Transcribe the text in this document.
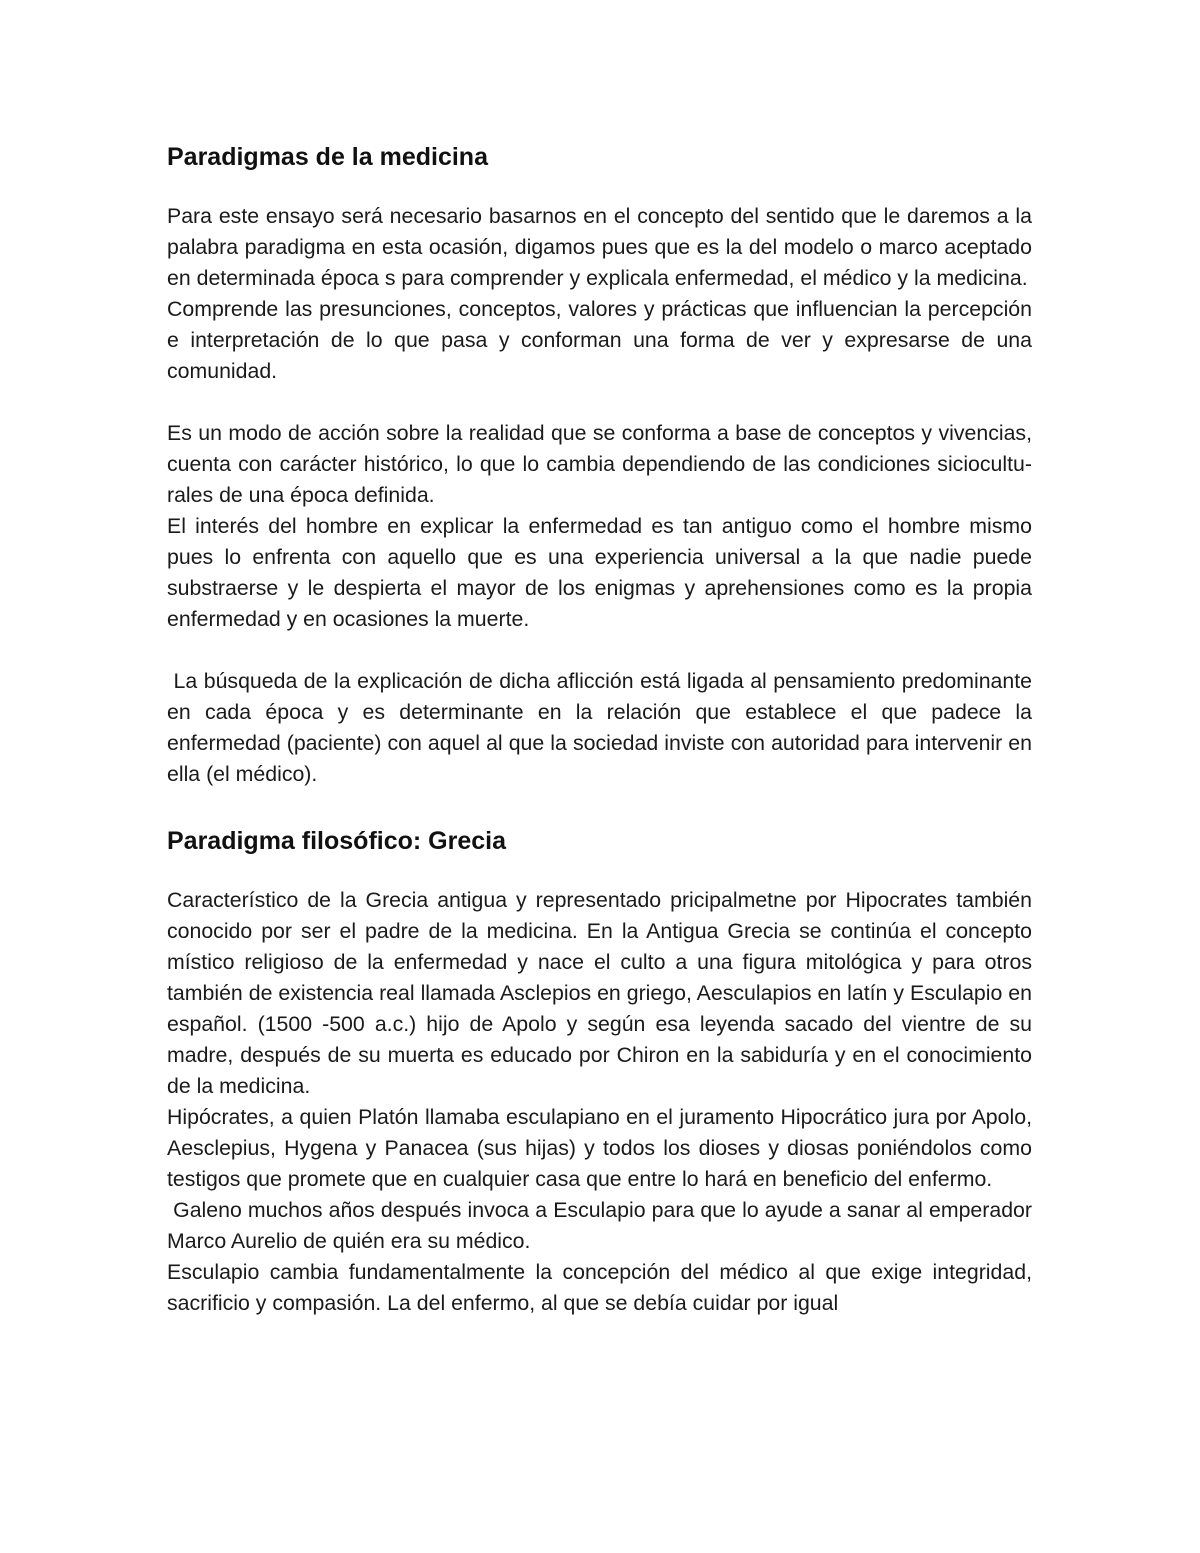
Paradigmas de la medicina

Para este ensayo será necesario basarnos en el concepto del sentido que le daremos a la palabra paradigma en esta ocasión, digamos pues que es la del modelo o marco aceptado en determinada época s para comprender y explicala enfermedad, el médico y la medicina.

Comprende las presunciones, conceptos, valores y prácticas que influencian la percepción e interpretación de lo que pasa y conforman una forma de ver y expresarse de una comunidad.

Es un modo de acción sobre la realidad que se conforma a base de conceptos y vivencias, cuenta con carácter histórico, lo que lo cambia dependiendo de las condiciones sicioculturales de una época definida.

El interés del hombre en explicar la enfermedad es tan antiguo como el hombre mismo pues lo enfrenta con aquello que es una experiencia universal a la que nadie puede substraerse y le despierta el mayor de los enigmas y aprehensiones como es la propia enfermedad y en ocasiones la muerte.

La búsqueda de la explicación de dicha aflicción está ligada al pensamiento predominante en cada época y es determinante en la relación que establece el que padece la enfermedad (paciente) con aquel al que la sociedad inviste con autoridad para intervenir en ella (el médico).

Paradigma filosófico: Grecia

Característico de la Grecia antigua y representado pricipalmetne por Hipocrates también conocido por ser el padre de la medicina. En la Antigua Grecia se continúa el concepto místico religioso de la enfermedad y nace el culto a una figura mitológica y para otros también de existencia real llamada Asclepios en griego, Aesculapios en latín y Esculapio en español. (1500 -500 a.c.) hijo de Apolo y según esa leyenda sacado del vientre de su madre, después de su muerta es educado por Chiron en la sabiduría y en el conocimiento de la medicina.

Hipócrates, a quien Platón llamaba esculapiano en el juramento Hipocrático jura por Apolo, Aesclepius, Hygena y Panacea (sus hijas) y todos los dioses y diosas poniéndolos como testigos que promete que en cualquier casa que entre lo hará en beneficio del enfermo.

Galeno muchos años después invoca a Esculapio para que lo ayude a sanar al emperador Marco Aurelio de quién era su médico.

Esculapio cambia fundamentalmente la concepción del médico al que exige integridad, sacrificio y compasión. La del enfermo, al que se debía cuidar por igual
